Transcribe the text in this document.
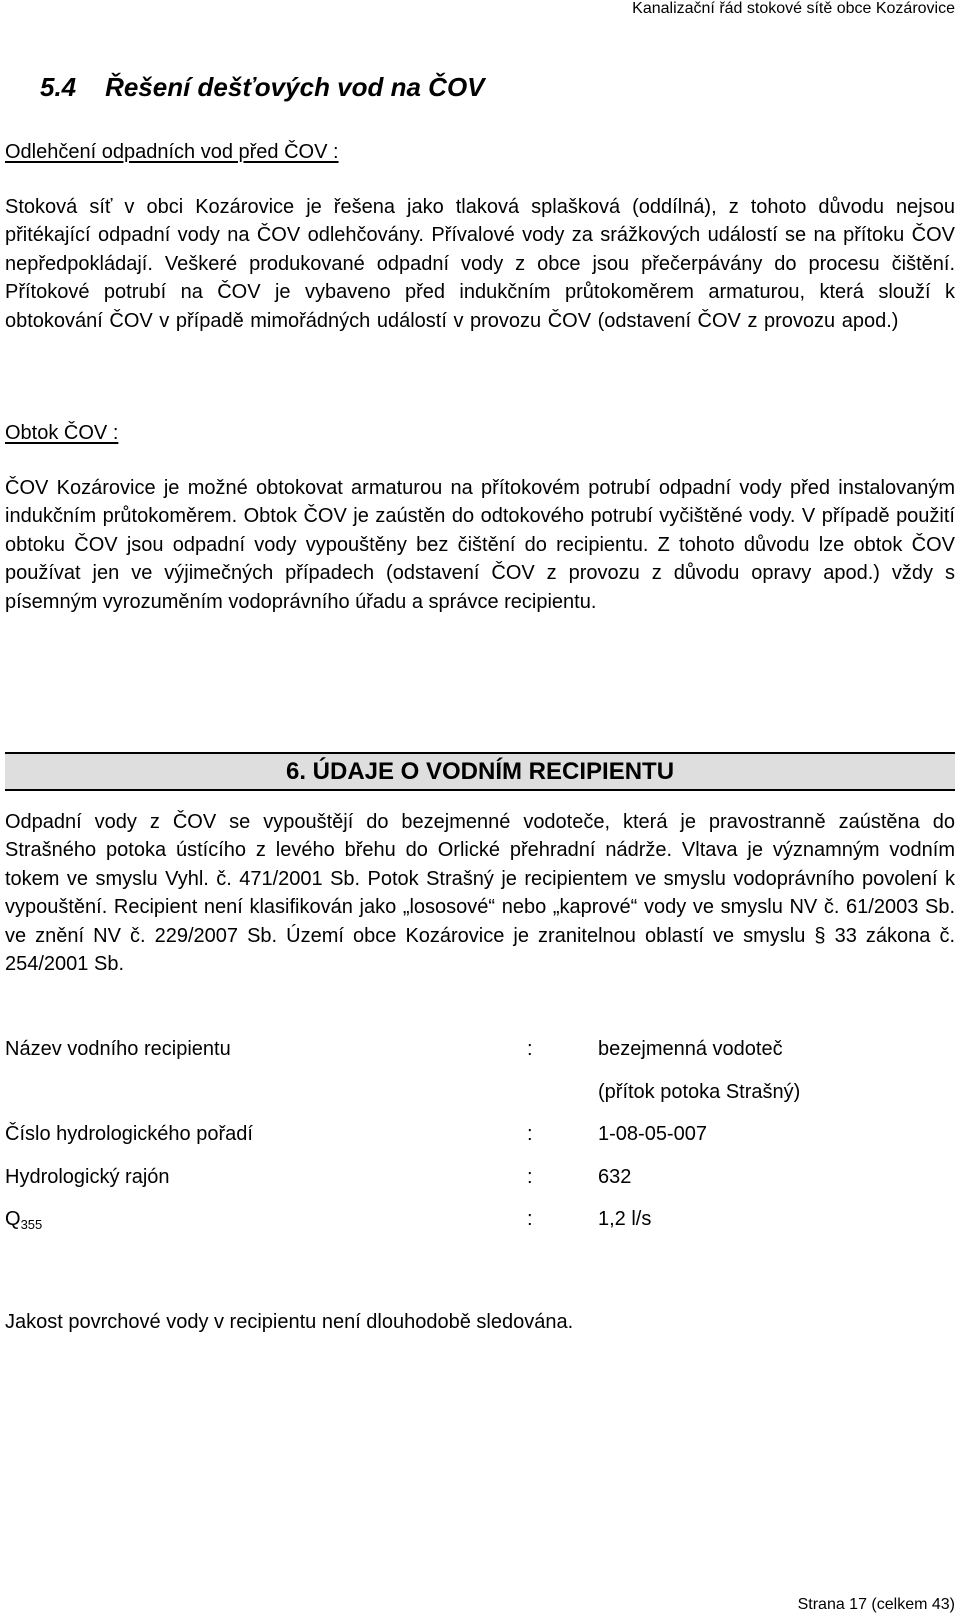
Kanalizační řád stokové sítě obce Kozárovice
5.4 Řešení dešťových vod na ČOV
Odlehčení odpadních vod před ČOV :
Stoková síť v obci Kozárovice je řešena jako tlaková splašková (oddílná), z tohoto důvodu nejsou přitékající odpadní vody na ČOV odlehčovány. Přívalové vody za srážkových událostí se na přítoku ČOV nepředpokládají. Veškeré produkované odpadní vody z obce jsou přečerpávány do procesu čištění. Přítokové potrubí na ČOV je vybaveno před indukčním průtokoměrem armaturou, která slouží k obtokování ČOV v případě mimořádných událostí v provozu ČOV (odstavení ČOV z provozu apod.)
Obtok ČOV :
ČOV Kozárovice je možné obtokovat armaturou na přítokovém potrubí odpadní vody před instalovaným indukčním průtokoměrem. Obtok ČOV je zaústěn do odtokového potrubí vyčištěné vody. V případě použití obtoku ČOV jsou odpadní vody vypouštěny bez čištění do recipientu. Z tohoto důvodu lze obtok ČOV používat jen ve výjimečných případech (odstavení ČOV z provozu z důvodu opravy apod.) vždy s písemným vyrozuměním vodoprávního úřadu a správce recipientu.
6. ÚDAJE O VODNÍM RECIPIENTU
Odpadní vody z ČOV se vypouštějí do bezejmenné vodoteče, která je pravostranně zaústěna do Strašného potoka ústícího z levého břehu do Orlické přehradní nádrže. Vltava je významným vodním tokem ve smyslu Vyhl. č. 471/2001 Sb. Potok Strašný je recipientem ve smyslu vodoprávního povolení k vypouštění. Recipient není klasifikován jako „lososové“ nebo „kaprové“ vody ve smyslu NV č. 61/2003 Sb. ve znění NV č. 229/2007 Sb. Území obce Kozárovice je zranitelnou oblastí ve smyslu § 33 zákona č. 254/2001 Sb.
Název vodního recipientu	:	bezejmenná vodoteč
(přítok potoka Strašný)
Číslo hydrologického pořadí	:	1-08-05-007
Hydrologický rajón	:	632
$Q_{355}$	:	1,2 l/s
Jakost povrchové vody v recipientu není dlouhodobě sledována.
Strana 17 (celkem 43)
